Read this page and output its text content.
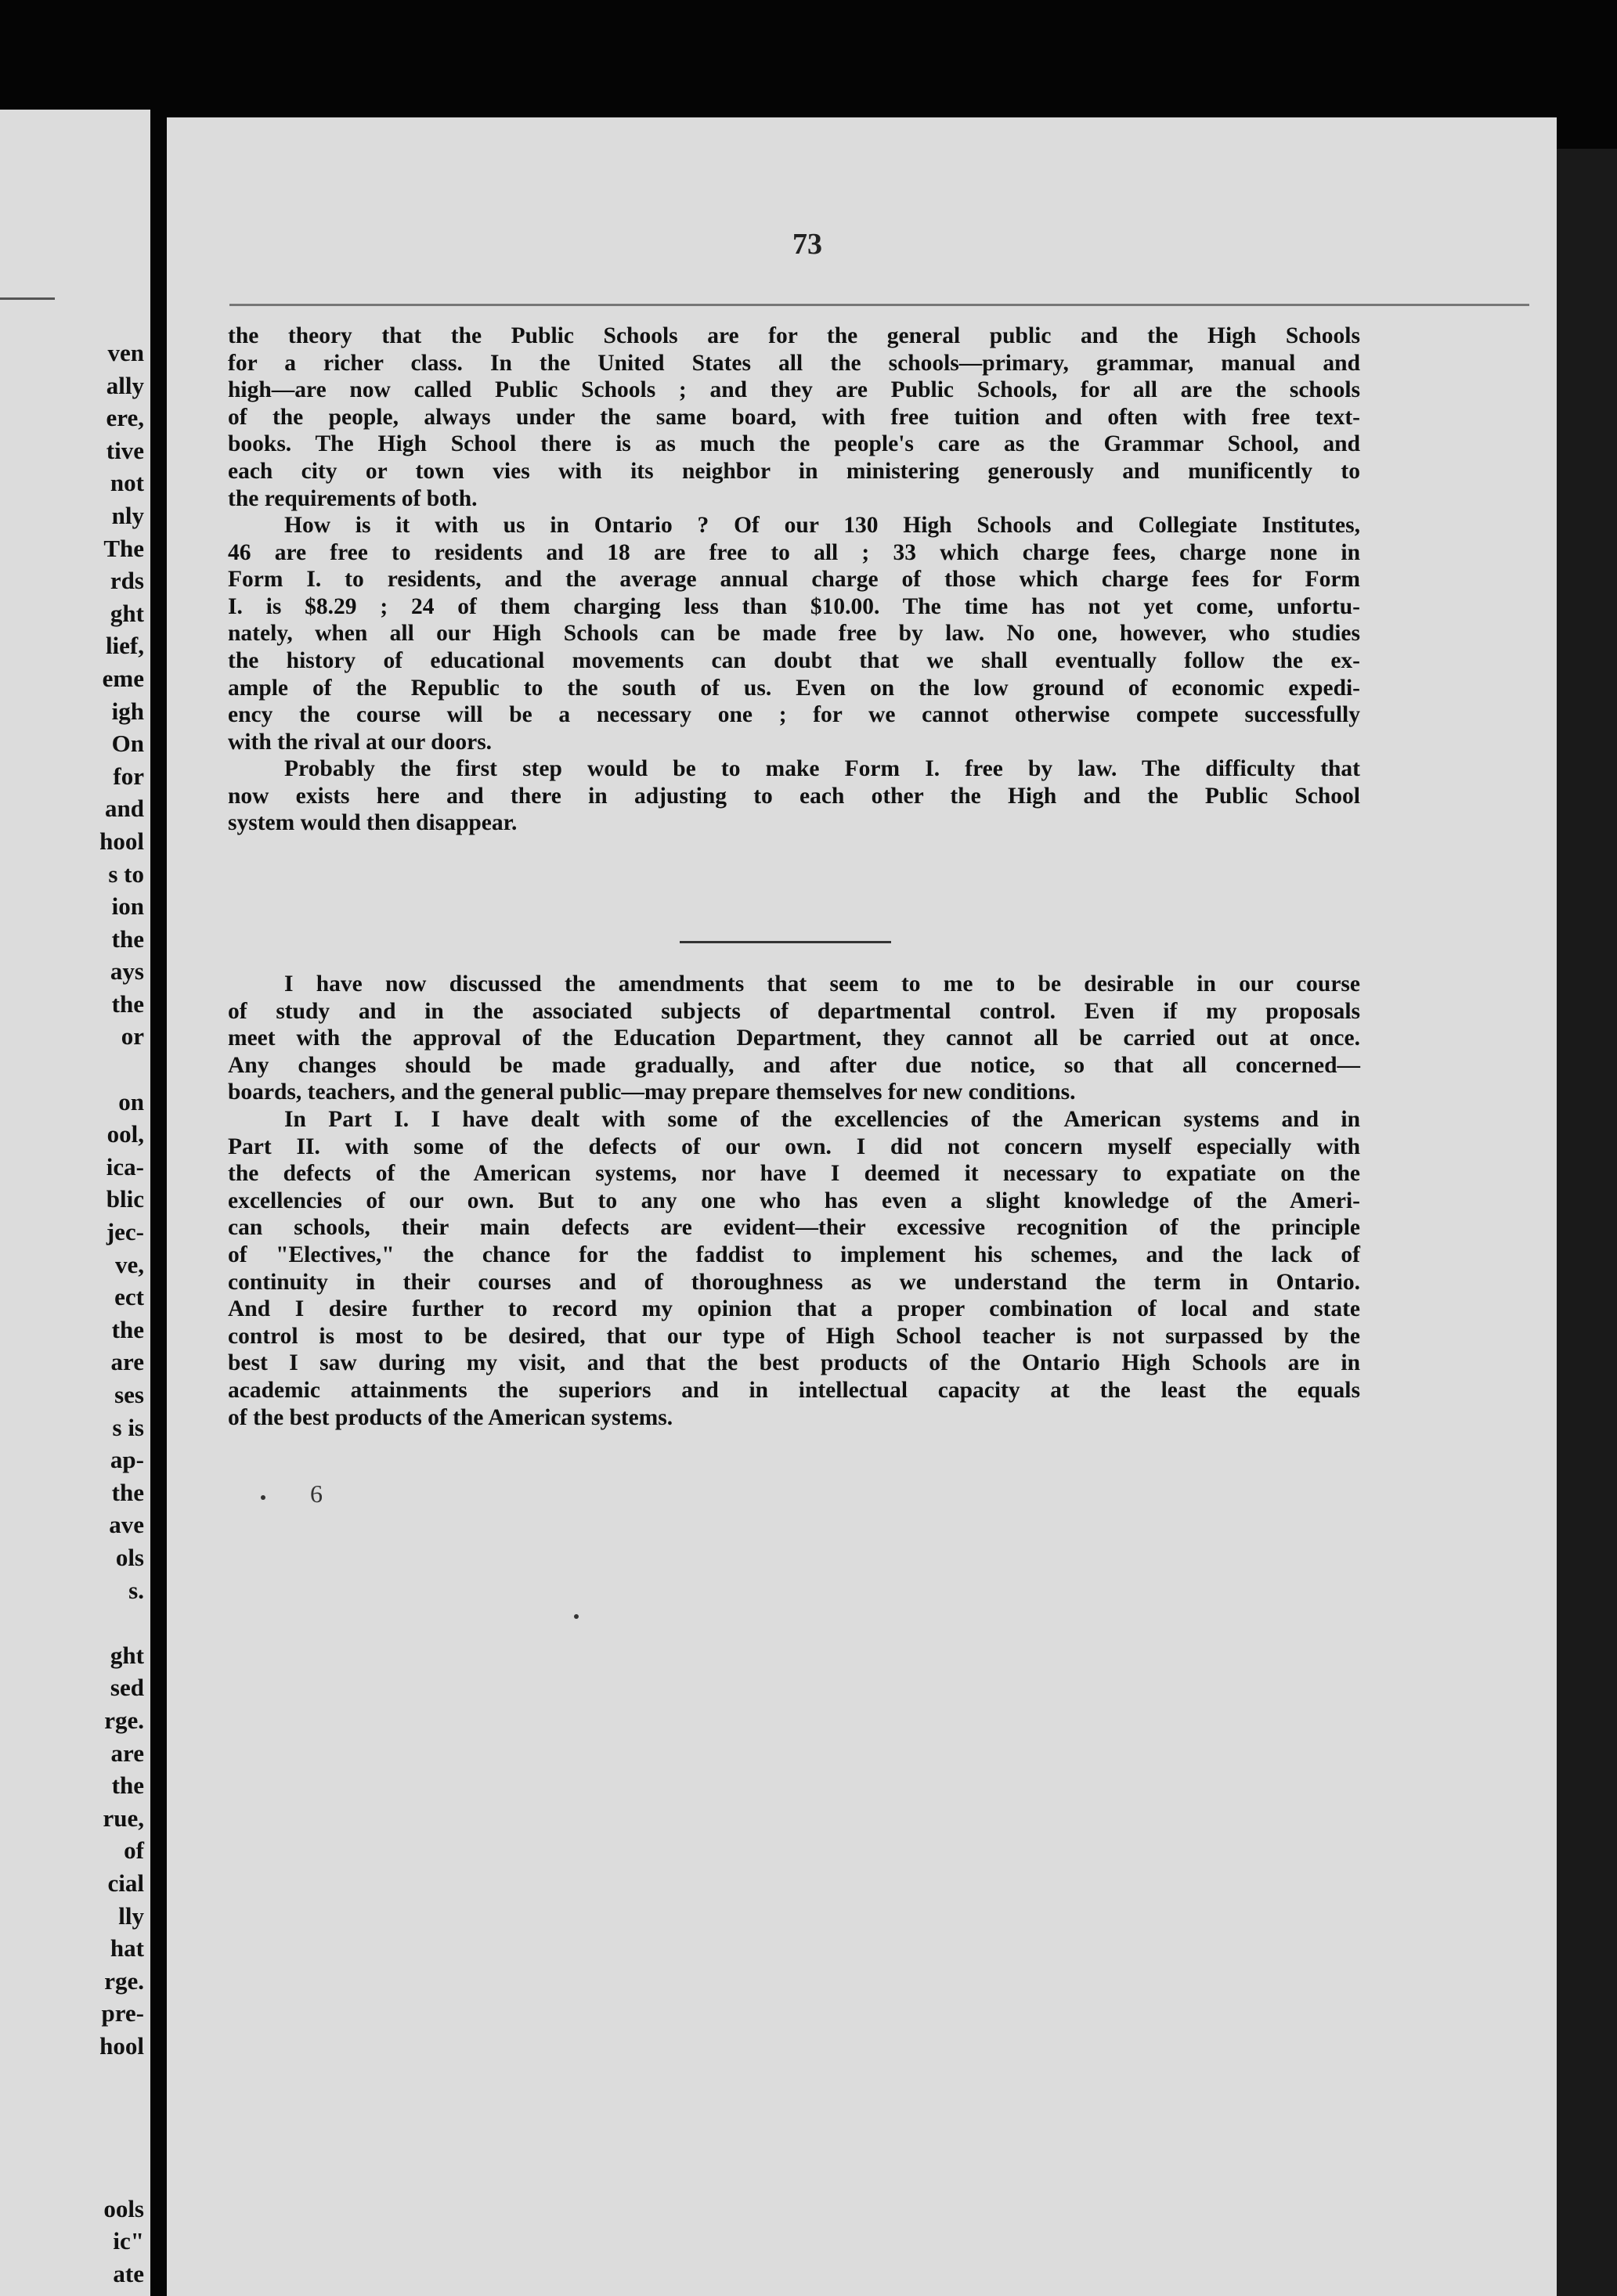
ven
ally
ere,
tive
not
nly
The
rds
ght
lief,
eme
igh
On
for
and
hool
s to
ion
the
ays
the
or
on
ool,
ica-
blic
jec-
ve,
ect
the
are
ses
s is
ap-
the
ave
ols
s.
ght
sed
rge.
are
the
rue,
of
cial
lly
hat
rge.
pre-
hool
ools
ic"
ate
73
the theory that the Public Schools are for the general public and the High Schools
for a richer class. In the United States all the schools—primary, grammar, manual and
high—are now called Public Schools ; and they are Public Schools, for all are the schools
of the people, always under the same board, with free tuition and often with free text-
books. The High School there is as much the people's care as the Grammar School, and
each city or town vies with its neighbor in ministering generously and munificently to
the requirements of both.
How is it with us in Ontario ? Of our 130 High Schools and Collegiate Institutes,
46 are free to residents and 18 are free to all ; 33 which charge fees, charge none in
Form I. to residents, and the average annual charge of those which charge fees for Form
I. is $8.29 ; 24 of them charging less than $10.00. The time has not yet come, unfortu-
nately, when all our High Schools can be made free by law. No one, however, who studies
the history of educational movements can doubt that we shall eventually follow the ex-
ample of the Republic to the south of us. Even on the low ground of economic expedi-
ency the course will be a necessary one ; for we cannot otherwise compete successfully
with the rival at our doors.
Probably the first step would be to make Form I. free by law. The difficulty that
now exists here and there in adjusting to each other the High and the Public School
system would then disappear.
I have now discussed the amendments that seem to me to be desirable in our course
of study and in the associated subjects of departmental control. Even if my proposals
meet with the approval of the Education Department, they cannot all be carried out at once.
Any changes should be made gradually, and after due notice, so that all concerned—
boards, teachers, and the general public—may prepare themselves for new conditions.
In Part I. I have dealt with some of the excellencies of the American systems and in
Part II. with some of the defects of our own. I did not concern myself especially with
the defects of the American systems, nor have I deemed it necessary to expatiate on the
excellencies of our own. But to any one who has even a slight knowledge of the Ameri-
can schools, their main defects are evident—their excessive recognition of the principle
of "Electives," the chance for the faddist to implement his schemes, and the lack of
continuity in their courses and of thoroughness as we understand the term in Ontario.
And I desire further to record my opinion that a proper combination of local and state
control is most to be desired, that our type of High School teacher is not surpassed by the
best I saw during my visit, and that the best products of the Ontario High Schools are in
academic attainments the superiors and in intellectual capacity at the least the equals
of the best products of the American systems.
6
